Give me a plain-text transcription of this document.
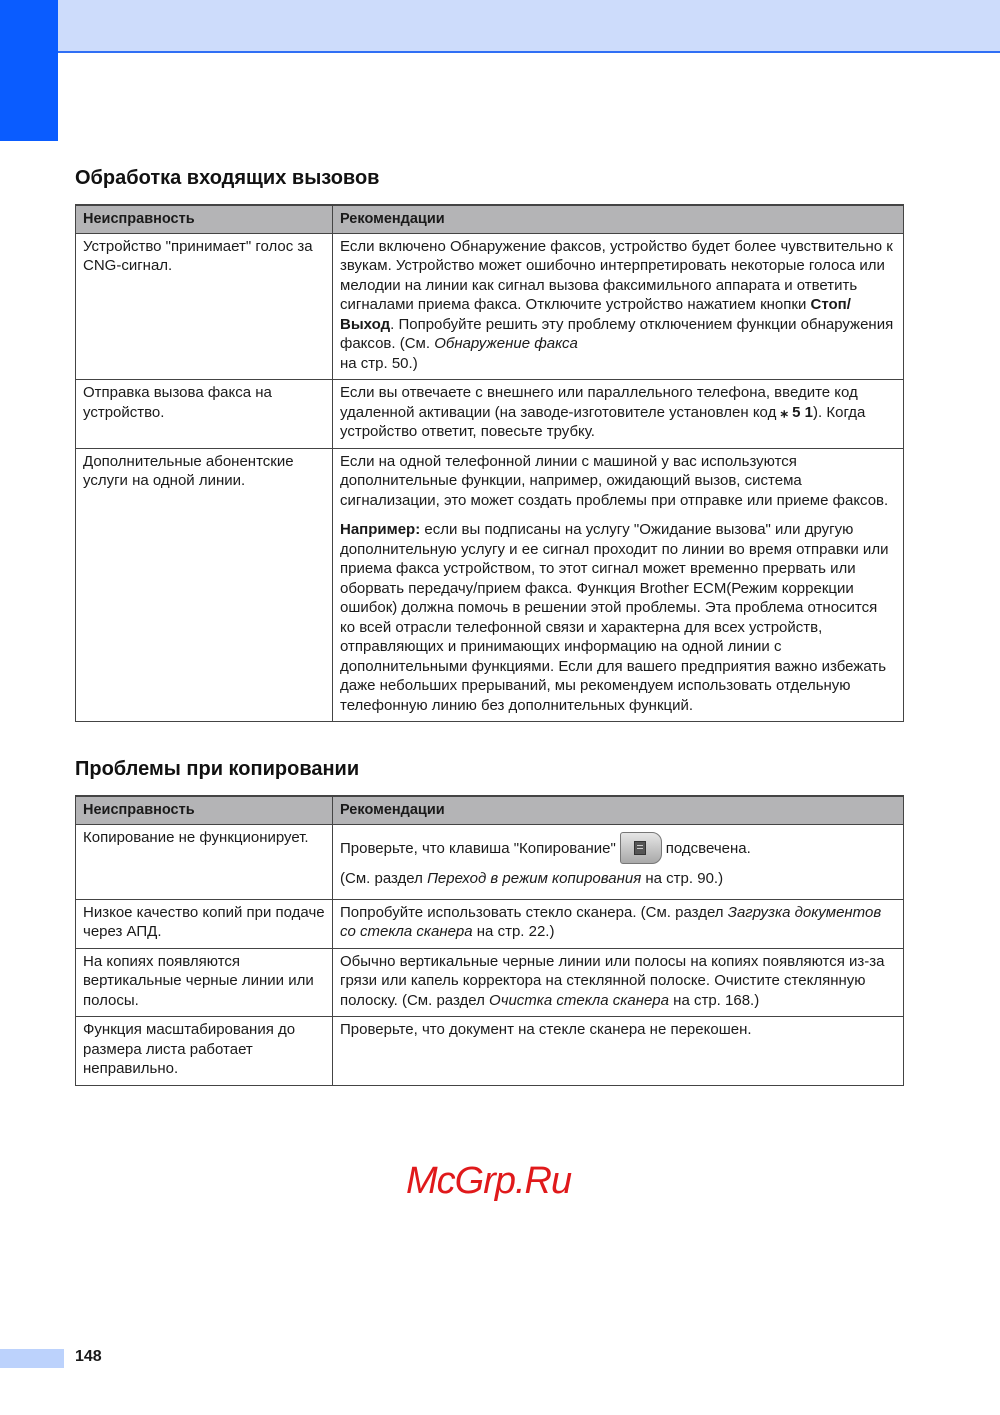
Обработка входящих вызовов
Неисправность	Рекомендации
Устройство "принимает" голос за CNG-сигнал.	Если включено Обнаружение факсов, устройство будет более чувствительно к звукам. Устройство может ошибочно интерпретировать некоторые голоса или мелодии на линии как сигнал вызова факсимильного аппарата и ответить сигналами приема факса. Отключите устройство нажатием кнопки Стоп/Выход. Попробуйте решить эту проблему отключением функции обнаружения факсов. (См. Обнаружение факса
на стр. 50.)
Отправка вызова факса на устройство.	Если вы отвечаете с внешнего или параллельного телефона, введите код удаленной активации (на заводе-изготовителе установлен код ⁎ 5 1). Когда устройство ответит, повесьте трубку.
Дополнительные абонентские услуги на одной линии.	Если на одной телефонной линии с машиной у вас используются дополнительные функции, например, ожидающий вызов, система сигнализации, это может создать проблемы при отправке или приеме факсов.

Например: если вы подписаны на услугу "Ожидание вызова" или другую дополнительную услугу и ее сигнал проходит по линии во время отправки или приема факса устройством, то этот сигнал может временно прервать или оборвать передачу/прием факса. Функция Brother ECM(Режим коррекции ошибок) должна помочь в решении этой проблемы. Эта проблема относится ко всей отрасли телефонной связи и характерна для всех устройств, отправляющих и принимающих информацию на одной линии с дополнительными функциями. Если для вашего предприятия важно избежать даже небольших прерываний, мы рекомендуем использовать отдельную телефонную линию без дополнительных функций.

Проблемы при копировании
Неисправность	Рекомендации
Копирование не функционирует.	Проверьте, что клавиша "Копирование" подсвечена.
(См. раздел Переход в режим копирования на стр. 90.)
Низкое качество копий при подаче через АПД.	Попробуйте использовать стекло сканера. (См. раздел Загрузка документов со стекла сканера на стр. 22.)
На копиях появляются вертикальные черные линии или полосы.	Обычно вертикальные черные линии или полосы на копиях появляются из-за грязи или капель корректора на стеклянной полоске. Очистите стеклянную полоску. (См. раздел Очистка стекла сканера на стр. 168.)
Функция масштабирования до размера листа работает неправильно.	Проверьте, что документ на стекле сканера не перекошен.
McGrp.Ru
148
